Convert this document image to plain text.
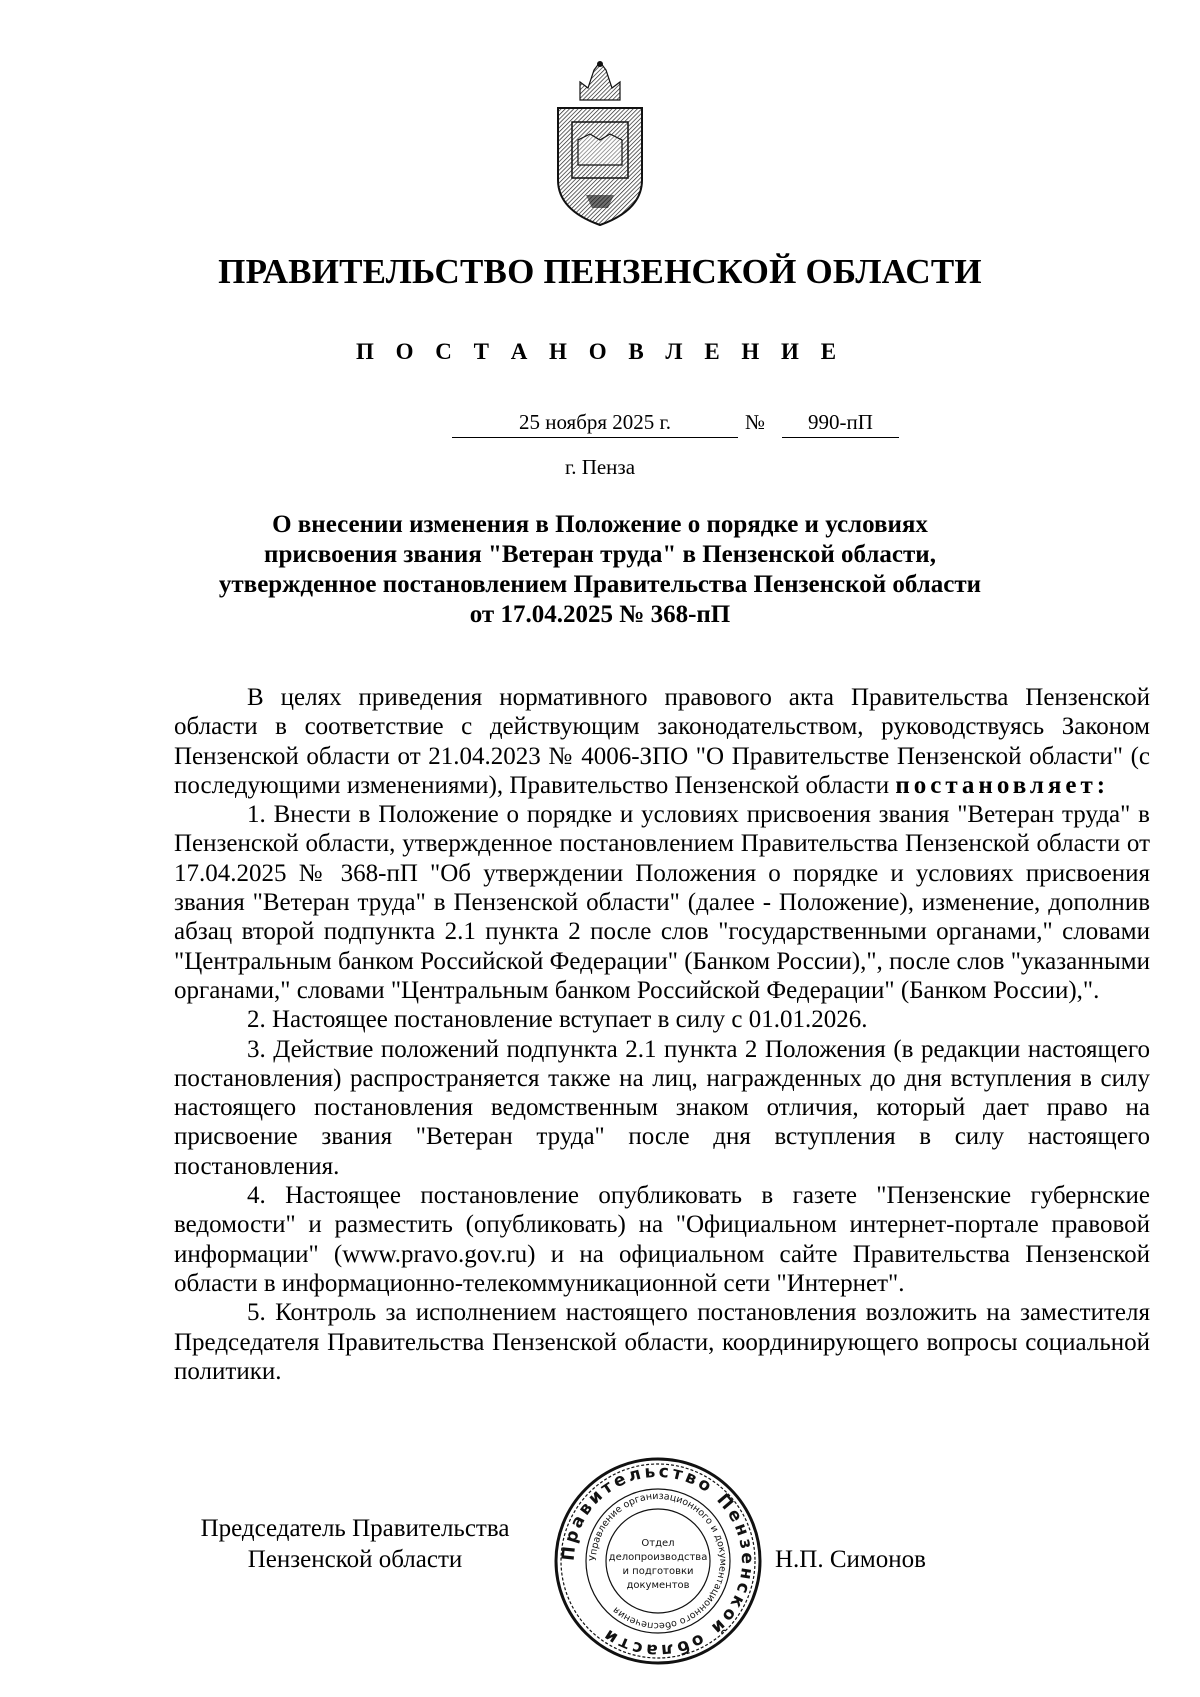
ПРАВИТЕЛЬСТВО ПЕНЗЕНСКОЙ ОБЛАСТИ
П О С Т А Н О В Л Е Н И Е
25 ноября 2025 г.	№	990-пП
г. Пенза
О внесении изменения в Положение о порядке и условиях
присвоения звания "Ветеран труда" в Пензенской области,
утвержденное постановлением Правительства Пензенской области
от 17.04.2025 № 368-пП

В целях приведения нормативного правового акта Правительства Пензенской области в соответствие с действующим законодательством, руководствуясь Законом Пензенской области от 21.04.2023 № 4006-ЗПО "О Правительстве Пензенской области" (с последующими изменениями), Правительство Пензенской области постановляет:

1. Внести в Положение о порядке и условиях присвоения звания "Ветеран труда" в Пензенской области, утвержденное постановлением Правительства Пензенской области от 17.04.2025 № 368-пП "Об утверждении Положения о порядке и условиях присвоения звания "Ветеран труда" в Пензенской области" (далее - Положение), изменение, дополнив абзац второй подпункта 2.1 пункта 2 после слов "государственными органами," словами "Центральным банком Российской Федерации" (Банком России),", после слов "указанными органами," словами "Центральным банком Российской Федерации" (Банком России),".

2. Настоящее постановление вступает в силу с 01.01.2026.

3. Действие положений подпункта 2.1 пункта 2 Положения (в редакции настоящего постановления) распространяется также на лиц, награжденных до дня вступления в силу настоящего постановления ведомственным знаком отличия, который дает право на присвоение звания "Ветеран труда" после дня вступления в силу настоящего постановления.

4. Настоящее постановление опубликовать в газете "Пензенские губернские ведомости" и разместить (опубликовать) на "Официальном интернет-портале правовой информации" (www.pravo.gov.ru) и на официальном сайте Правительства Пензенской области в информационно-телекоммуникационной сети "Интернет".

5. Контроль за исполнением настоящего постановления возложить на заместителя Председателя Правительства Пензенской области, координирующего вопросы социальной политики.

Председатель Правительства
Пензенской области	Н.П. Симонов
Правительство Пензенской области
Управление организационного и документационного обеспечения
Отдел
делопроизводства
и подготовки
документов
